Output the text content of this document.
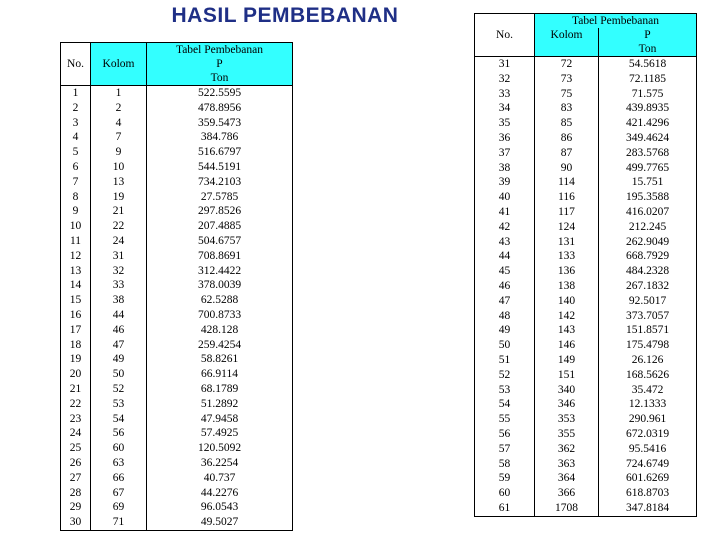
HASIL PEMBEBANAN
No.		Tabel Pembebanan
	Kolom	P
		Ton
1	1	522.5595
2	2	478.8956
3	4	359.5473
4	7	384.786
5	9	516.6797
6	10	544.5191
7	13	734.2103
8	19	27.5785
9	21	297.8526
10	22	207.4885
11	24	504.6757
12	31	708.8691
13	32	312.4422
14	33	378.0039
15	38	62.5288
16	44	700.8733
17	46	428.128
18	47	259.4254
19	49	58.8261
20	50	66.9114
21	52	68.1789
22	53	51.2892
23	54	47.9458
24	56	57.4925
25	60	120.5092
26	63	36.2254
27	66	40.737
28	67	44.2276
29	69	96.0543
30	71	49.5027
No.	Tabel Pembebanan	
	Kolom	P
		Ton
31	72	54.5618
32	73	72.1185
33	75	71.575
34	83	439.8935
35	85	421.4296
36	86	349.4624
37	87	283.5768
38	90	499.7765
39	114	15.751
40	116	195.3588
41	117	416.0207
42	124	212.245
43	131	262.9049
44	133	668.7929
45	136	484.2328
46	138	267.1832
47	140	92.5017
48	142	373.7057
49	143	151.8571
50	146	175.4798
51	149	26.126
52	151	168.5626
53	340	35.472
54	346	12.1333
55	353	290.961
56	355	672.0319
57	362	95.5416
58	363	724.6749
59	364	601.6269
60	366	618.8703
61	1708	347.8184
